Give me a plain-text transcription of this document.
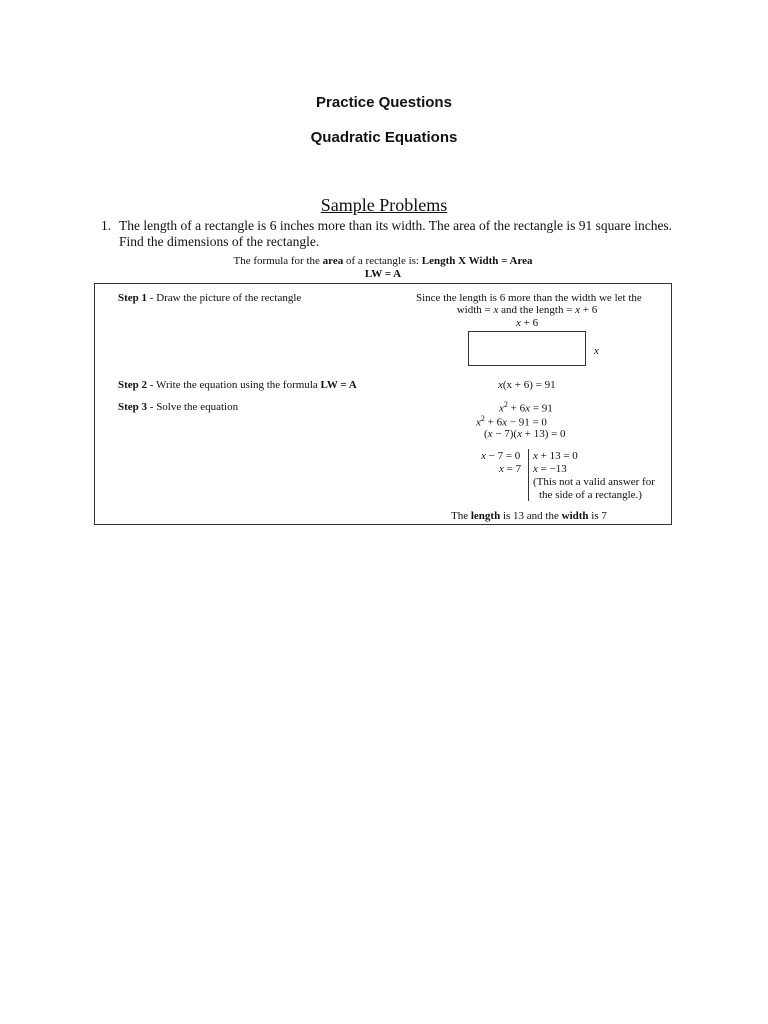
Practice Questions
Quadratic Equations
Sample Problems
1. The length of a rectangle is 6 inches more than its width. The area of the rectangle is 91 square inches.
Find the dimensions of the rectangle.
The formula for the area of a rectangle is: Length X Width = Area
LW = A
Step 1 - Draw the picture of the rectangle
Step 2 - Write the equation using the formula LW = A
Step 3 - Solve the equation
Since the length is 6 more than the width we let the
width = x and the length = x + 6
x + 6
x
x(x + 6) = 91
$x^2 + 6x = 91$
$x^2 + 6x - 91 = 0$
(x − 7)(x + 13) = 0
x − 7 = 0
x = 7
x + 13 = 0
x = −13
(This not a valid answer for
the side of a rectangle.)
The length is 13 and the width is 7
